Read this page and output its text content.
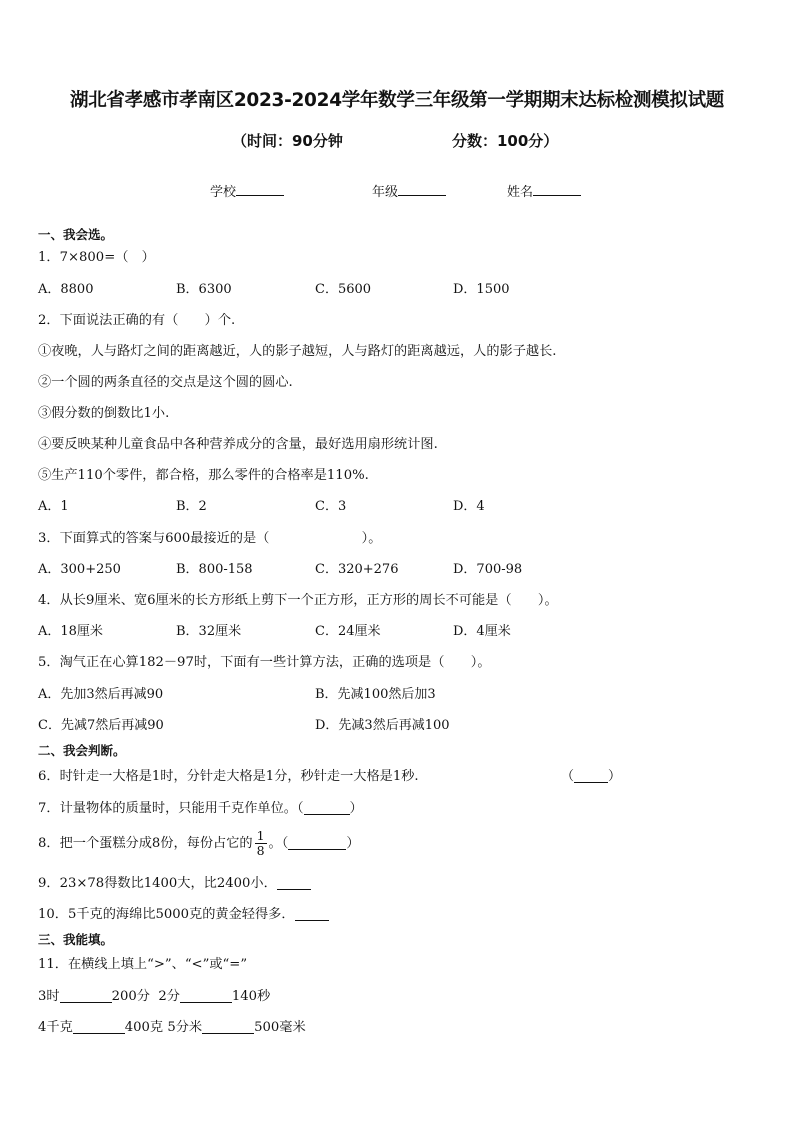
湖北省孝感市孝南区2023-2024学年数学三年级第一学期期末达标检测模拟试题
（时间：90分钟	分数：100分）
学校	年级	姓名
一、我会选。
1．7×800=（　）
A．8800	B．6300	C．5600	D．1500
2．下面说法正确的有（　　）个.
①夜晚，人与路灯之间的距离越近，人的影子越短，人与路灯的距离越远，人的影子越长.
②一个圆的两条直径的交点是这个圆的圆心.
③假分数的倒数比1小.
④要反映某种儿童食品中各种营养成分的含量，最好选用扇形统计图.
⑤生产110个零件，都合格，那么零件的合格率是110%.
A．1	B．2	C．3	D．4
3．下面算式的答案与600最接近的是（　　　　　　　）。
A．300+250	B．800-158	C．320+276	D．700-98
4．从长9厘米、宽6厘米的长方形纸上剪下一个正方形，正方形的周长不可能是（　　）。
A．18厘米	B．32厘米	C．24厘米	D．4厘米
5．淘气正在心算182－97时，下面有一些计算方法，正确的选项是（　　）。
A．先加3然后再减90	B．先减100然后加3
C．先减7然后再减90	D．先减3然后再减100
二、我会判断。
6．时针走一大格是1时，分针走大格是1分，秒针走一大格是1秒.	（	）
7．计量物体的质量时，只能用千克作单位。（	）
8．把一个蛋糕分成8份，每份占它的 $\frac{1}{8}$ 。（	）
9．23×78得数比1400大，比2400小．
10．5千克的海绵比5000克的黄金轻得多．
三、我能填。
11．在横线上填上“>”、“<”或“=”
3时	200分 2分	140秒
4千克	400克 5分米	500毫米
